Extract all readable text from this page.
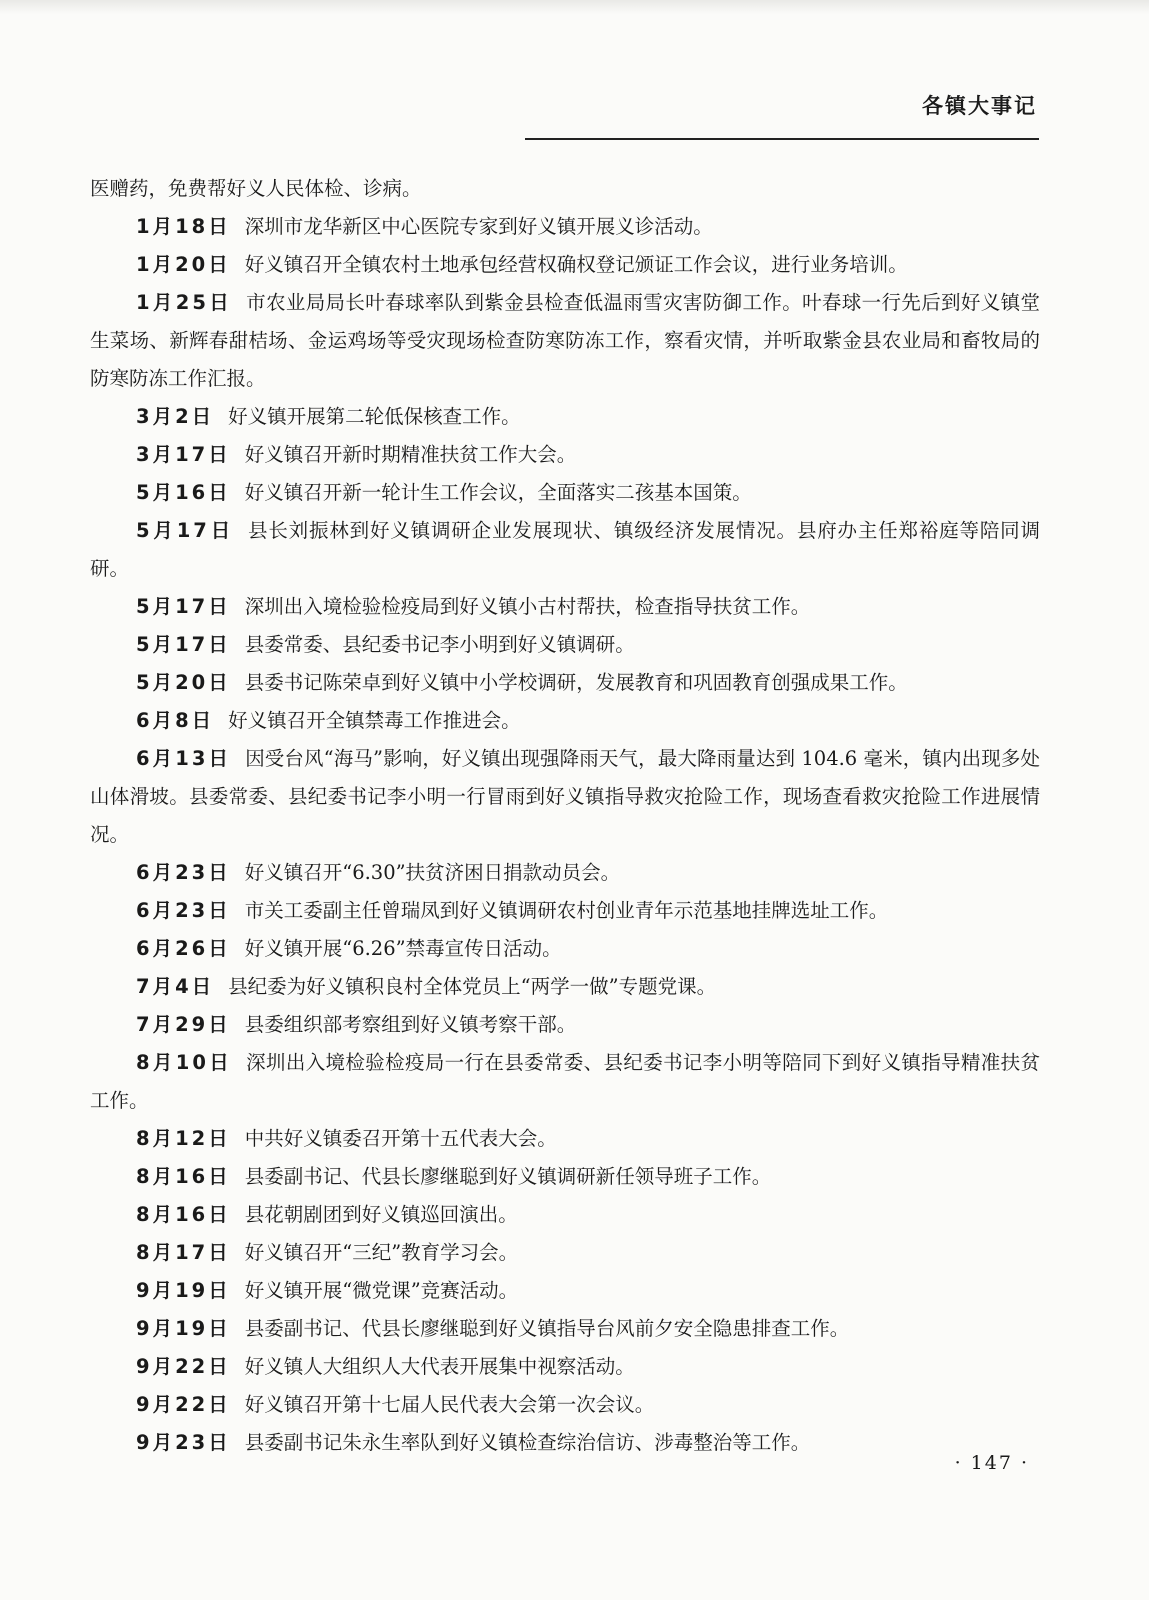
各镇大事记

医赠药，免费帮好义人民体检、诊病。

1月18日 深圳市龙华新区中心医院专家到好义镇开展义诊活动。

1月20日 好义镇召开全镇农村土地承包经营权确权登记颁证工作会议，进行业务培训。

1月25日 市农业局局长叶春球率队到紫金县检查低温雨雪灾害防御工作。叶春球一行先后到好义镇堂生菜场、新辉春甜桔场、金运鸡场等受灾现场检查防寒防冻工作，察看灾情，并听取紫金县农业局和畜牧局的防寒防冻工作汇报。

3月2日 好义镇开展第二轮低保核查工作。

3月17日 好义镇召开新时期精准扶贫工作大会。

5月16日 好义镇召开新一轮计生工作会议，全面落实二孩基本国策。

5月17日 县长刘振林到好义镇调研企业发展现状、镇级经济发展情况。县府办主任郑裕庭等陪同调研。

5月17日 深圳出入境检验检疫局到好义镇小古村帮扶，检查指导扶贫工作。

5月17日 县委常委、县纪委书记李小明到好义镇调研。

5月20日 县委书记陈荣卓到好义镇中小学校调研，发展教育和巩固教育创强成果工作。

6月8日 好义镇召开全镇禁毒工作推进会。

6月13日 因受台风“海马”影响，好义镇出现强降雨天气，最大降雨量达到 104.6 毫米，镇内出现多处山体滑坡。县委常委、县纪委书记李小明一行冒雨到好义镇指导救灾抢险工作，现场查看救灾抢险工作进展情况。

6月23日 好义镇召开“6.30”扶贫济困日捐款动员会。

6月23日 市关工委副主任曾瑞凤到好义镇调研农村创业青年示范基地挂牌选址工作。

6月26日 好义镇开展“6.26”禁毒宣传日活动。

7月4日 县纪委为好义镇积良村全体党员上“两学一做”专题党课。

7月29日 县委组织部考察组到好义镇考察干部。

8月10日 深圳出入境检验检疫局一行在县委常委、县纪委书记李小明等陪同下到好义镇指导精准扶贫工作。

8月12日 中共好义镇委召开第十五代表大会。

8月16日 县委副书记、代县长廖继聪到好义镇调研新任领导班子工作。

8月16日 县花朝剧团到好义镇巡回演出。

8月17日 好义镇召开“三纪”教育学习会。

9月19日 好义镇开展“微党课”竞赛活动。

9月19日 县委副书记、代县长廖继聪到好义镇指导台风前夕安全隐患排查工作。

9月22日 好义镇人大组织人大代表开展集中视察活动。

9月22日 好义镇召开第十七届人民代表大会第一次会议。

9月23日 县委副书记朱永生率队到好义镇检查综治信访、涉毒整治等工作。

· 147 ·
